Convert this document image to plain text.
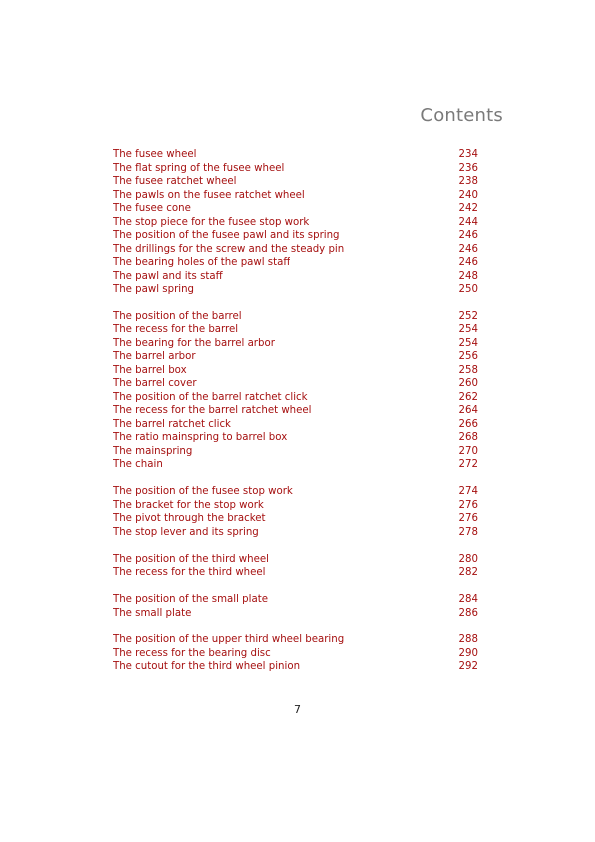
Contents
The fusee wheel	234
The flat spring of the fusee wheel	236
The fusee ratchet wheel	238
The pawls on the fusee ratchet wheel	240
The fusee cone	242
The stop piece for the fusee stop work	244
The position of the fusee pawl and its spring	246
The drillings for the screw and the steady pin	246
The bearing holes of the pawl staff	246
The pawl and its staff	248
The pawl spring	250
The position of the barrel	252
The recess for the barrel	254
The bearing for the barrel arbor	254
The barrel arbor	256
The barrel box	258
The barrel cover	260
The position of the barrel ratchet click	262
The recess for the barrel ratchet wheel	264
The barrel ratchet click	266
The ratio mainspring to barrel box	268
The mainspring	270
The chain	272
The position of the fusee stop work	274
The bracket for the stop work	276
The pivot through the bracket	276
The stop lever and its spring	278
The position of the third wheel	280
The recess for the third wheel	282
The position of the small plate	284
The small plate	286
The position of the upper third wheel bearing	288
The recess for the bearing disc	290
The cutout for the third wheel pinion	292
7
